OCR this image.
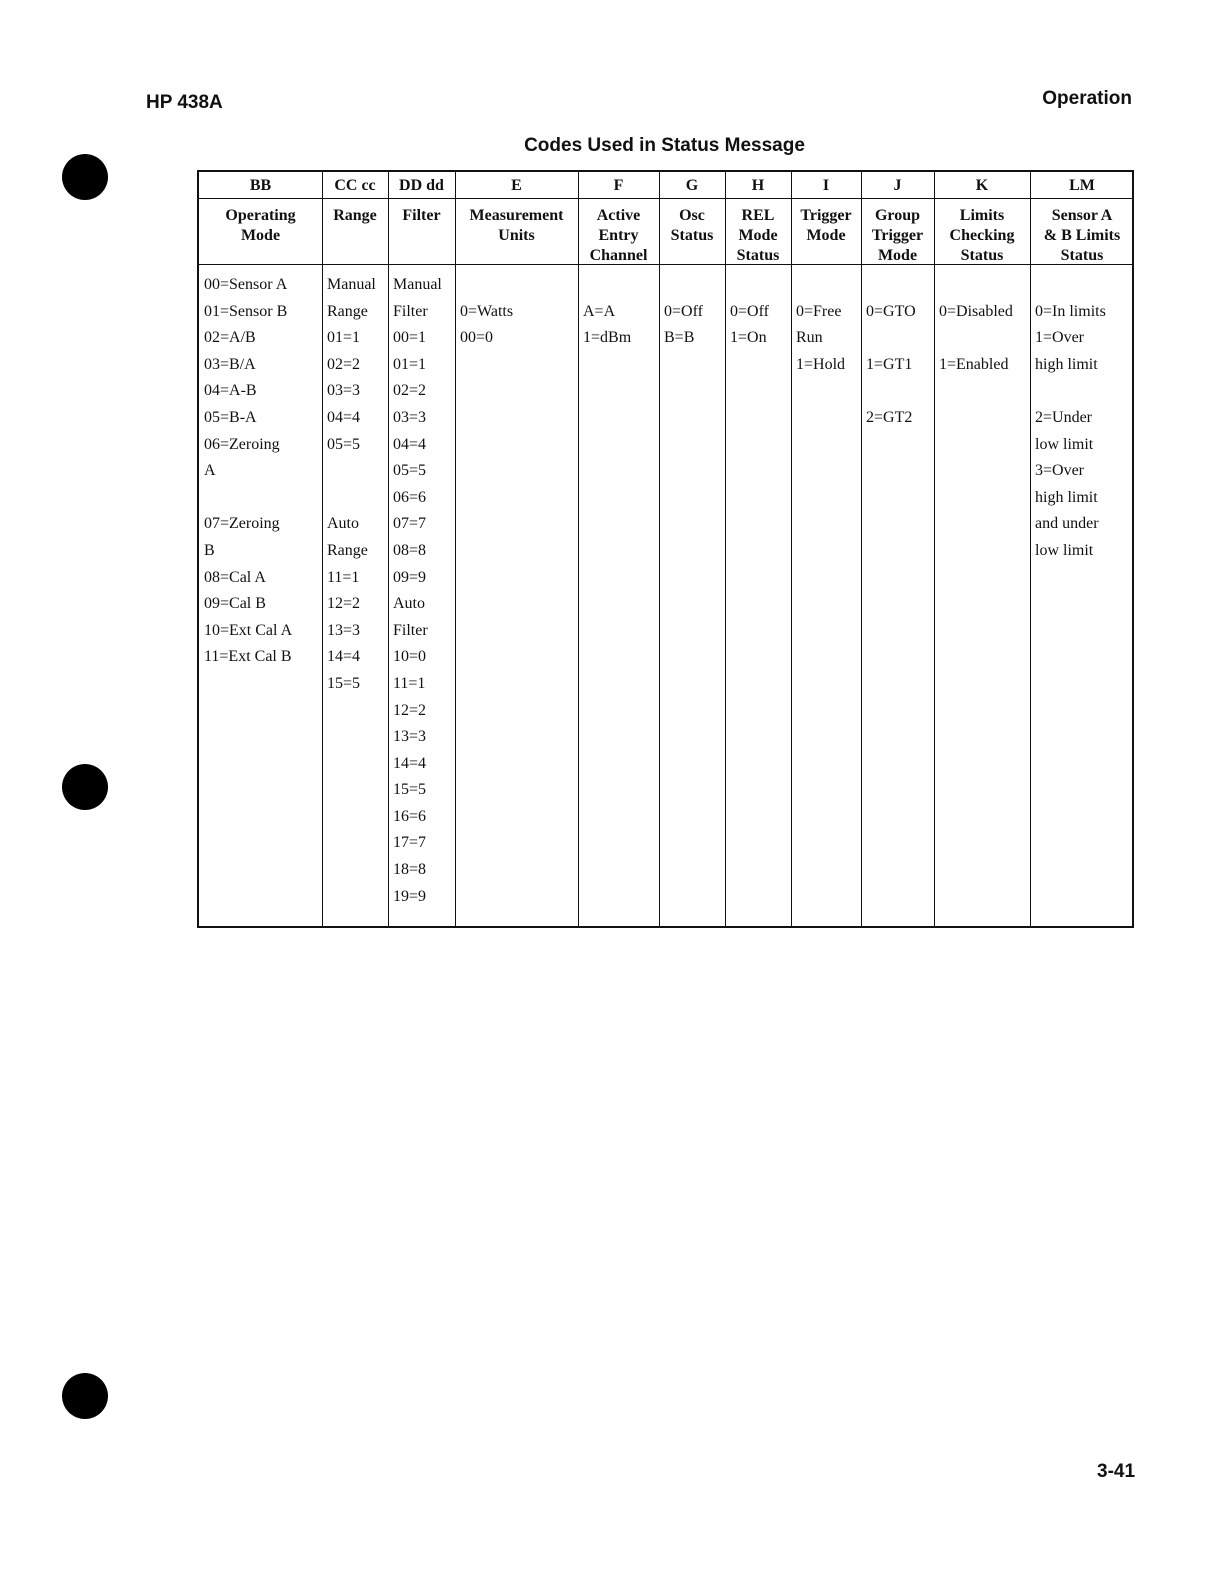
HP 438A	Operation
Codes Used in Status Message
BB
Operating
Mode
00=Sensor A
01=Sensor B
02=A/B
03=B/A
04=A-B
05=B-A
06=Zeroing
A
07=Zeroing
B
08=Cal A
09=Cal B
10=Ext Cal A
11=Ext Cal B
CC cc
Range
Manual
Range
01=1
02=2
03=3
04=4
05=5
Auto
Range
11=1
12=2
13=3
14=4
15=5
DD dd
Filter
Manual
Filter
00=1
01=1
02=2
03=3
04=4
05=5
06=6
07=7
08=8
09=9
Auto
Filter
10=0
11=1
12=2
13=3
14=4
15=5
16=6
17=7
18=8
19=9
E
Measurement
Units
0=Watts
00=0
F
Active
Entry
Channel
A=A
1=dBm
G
Osc
Status
0=Off
B=B
H
REL
Mode
Status
0=Off
1=On
I
Trigger
Mode
0=Free
Run
1=Hold
J
Group
Trigger
Mode
0=GTO
1=GT1
2=GT2
K
Limits
Checking
Status
0=Disabled
1=Enabled
LM
Sensor A
& B Limits
Status
0=In limits
1=Over
high limit
2=Under
low limit
3=Over
high limit
and under
low limit
3-41
